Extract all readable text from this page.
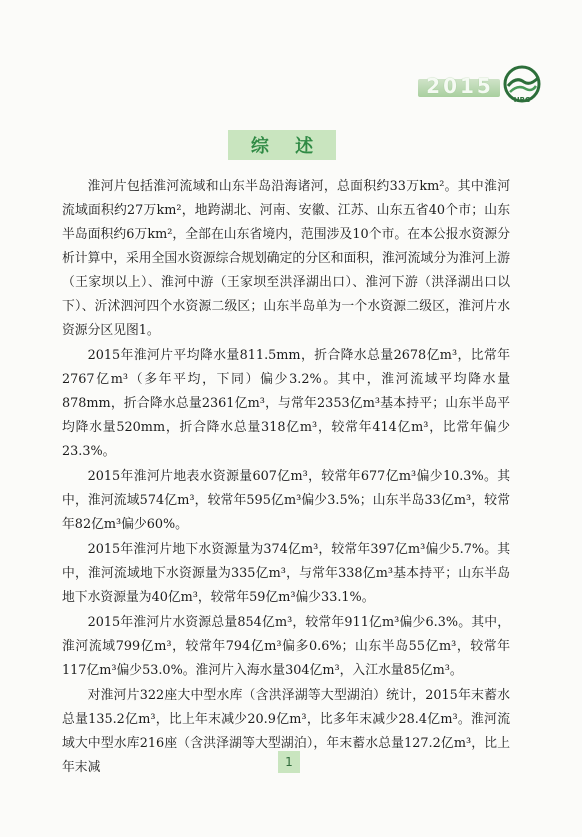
2015
HRC
综 述

淮河片包括淮河流域和山东半岛沿海诸河，总面积约33万km²。其中淮河流域面积约27万km²，地跨湖北、河南、安徽、江苏、山东五省40个市；山东半岛面积约6万km²，全部在山东省境内，范围涉及10个市。在本公报水资源分析计算中，采用全国水资源综合规划确定的分区和面积，淮河流域分为淮河上游（王家坝以上）、淮河中游（王家坝至洪泽湖出口）、淮河下游（洪泽湖出口以下）、沂沭泗河四个水资源二级区；山东半岛单为一个水资源二级区，淮河片水资源分区见图1。

2015年淮河片平均降水量811.5mm，折合降水总量2678亿m³，比常年2767亿m³（多年平均，下同）偏少3.2%。其中，淮河流域平均降水量878mm，折合降水总量2361亿m³，与常年2353亿m³基本持平；山东半岛平均降水量520mm，折合降水总量318亿m³，较常年414亿m³，比常年偏少23.3%。

2015年淮河片地表水资源量607亿m³，较常年677亿m³偏少10.3%。其中，淮河流域574亿m³，较常年595亿m³偏少3.5%；山东半岛33亿m³，较常年82亿m³偏少60%。

2015年淮河片地下水资源量为374亿m³，较常年397亿m³偏少5.7%。其中，淮河流域地下水资源量为335亿m³，与常年338亿m³基本持平；山东半岛地下水资源量为40亿m³，较常年59亿m³偏少33.1%。

2015年淮河片水资源总量854亿m³，较常年911亿m³偏少6.3%。其中，淮河流域799亿m³，较常年794亿m³偏多0.6%；山东半岛55亿m³，较常年117亿m³偏少53.0%。淮河片入海水量304亿m³，入江水量85亿m³。

对淮河片322座大中型水库（含洪泽湖等大型湖泊）统计，2015年末蓄水总量135.2亿m³，比上年末减少20.9亿m³，比多年末减少28.4亿m³。淮河流域大中型水库216座（含洪泽湖等大型湖泊），年末蓄水总量127.2亿m³，比上年末减	1
